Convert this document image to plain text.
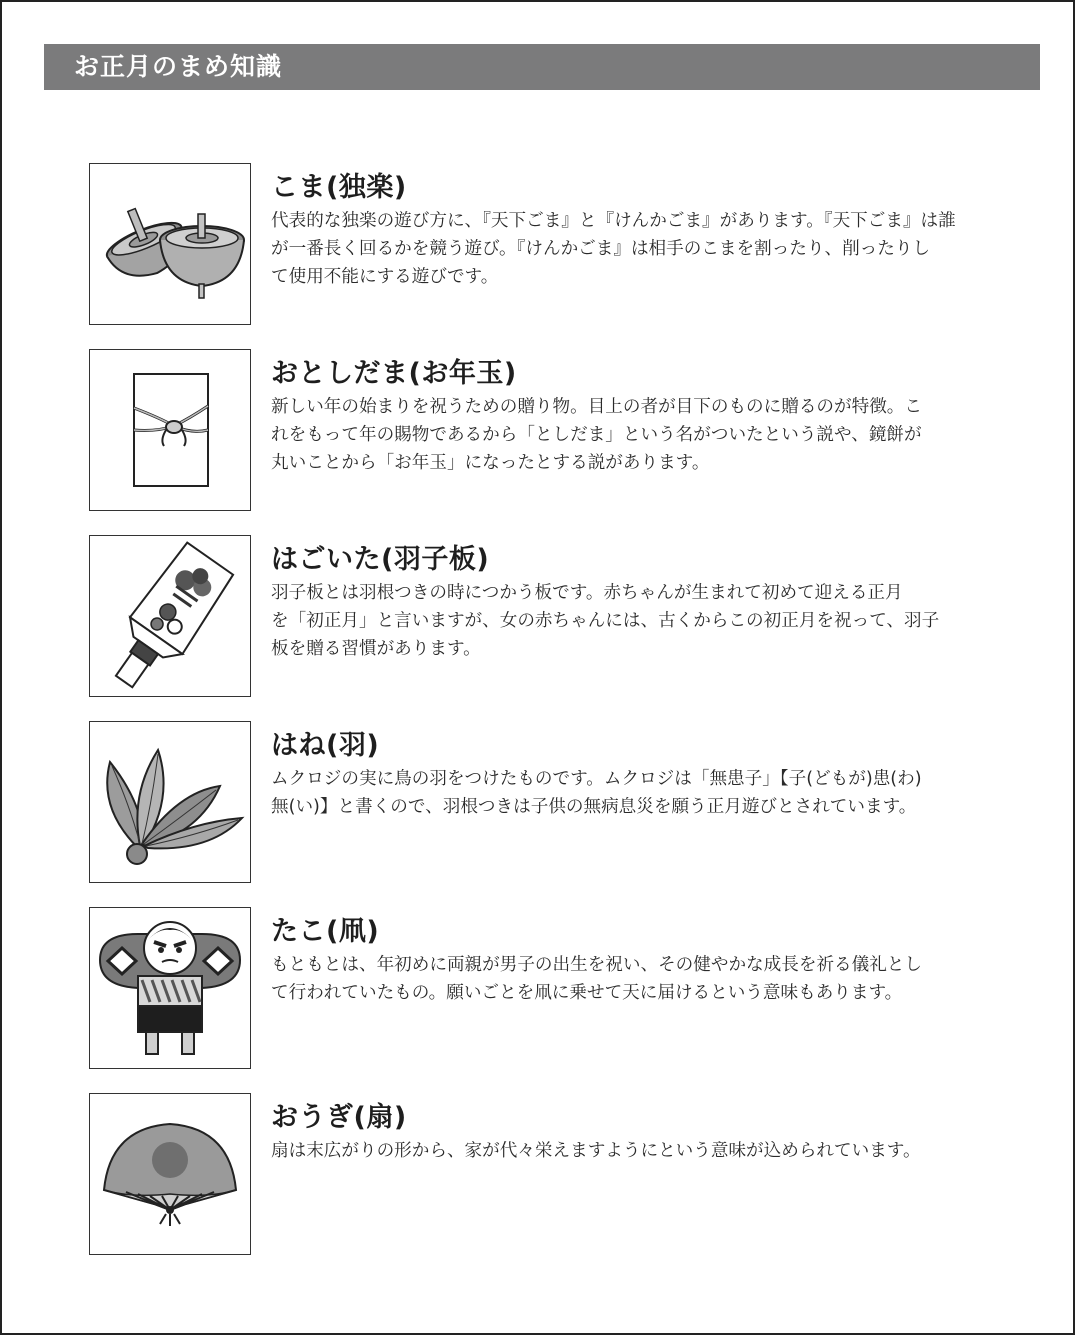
お正月のまめ知識
こま(独楽)
代表的な独楽の遊び方に、『天下ごま』と『けんかごま』があります。『天下ごま』は誰
が一番長く回るかを競う遊び。『けんかごま』は相手のこまを割ったり、削ったりし
て使用不能にする遊びです。
おとしだま(お年玉)
新しい年の始まりを祝うための贈り物。目上の者が目下のものに贈るのが特徴。こ
れをもって年の賜物であるから「としだま」という名がついたという説や、鏡餅が
丸いことから「お年玉」になったとする説があります。
はごいた(羽子板)
羽子板とは羽根つきの時につかう板です。赤ちゃんが生まれて初めて迎える正月
を「初正月」と言いますが、女の赤ちゃんには、古くからこの初正月を祝って、羽子
板を贈る習慣があります。
はね(羽)
ムクロジの実に鳥の羽をつけたものです。ムクロジは「無患子」【子(どもが)患(わ)
無(い)】と書くので、羽根つきは子供の無病息災を願う正月遊びとされています。
たこ(凧)
もともとは、年初めに両親が男子の出生を祝い、その健やかな成長を祈る儀礼とし
て行われていたもの。願いごとを凧に乗せて天に届けるという意味もあります。
おうぎ(扇)
扇は末広がりの形から、家が代々栄えますようにという意味が込められています。
